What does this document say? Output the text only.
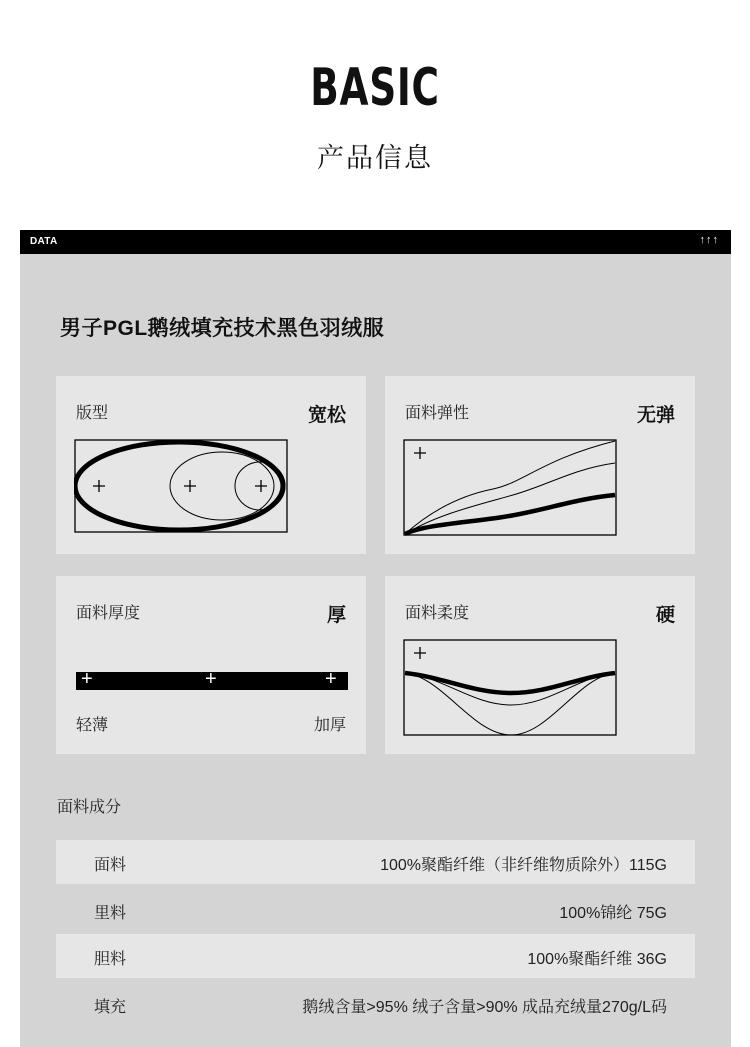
BASIC
产品信息
DATA	↑↑↑
男子PGL鹅绒填充技术黑色羽绒服
版型	宽松	面料弹性	无弹
面料厚度	厚
+	+	+
轻薄	加厚
面料柔度	硬
面料成分
面料	100%聚酯纤维（非纤维物质除外）115G
里料	100%锦纶 75G
胆料	100%聚酯纤维 36G
填充	鹅绒含量>95% 绒子含量>90% 成品充绒量270g/L码
